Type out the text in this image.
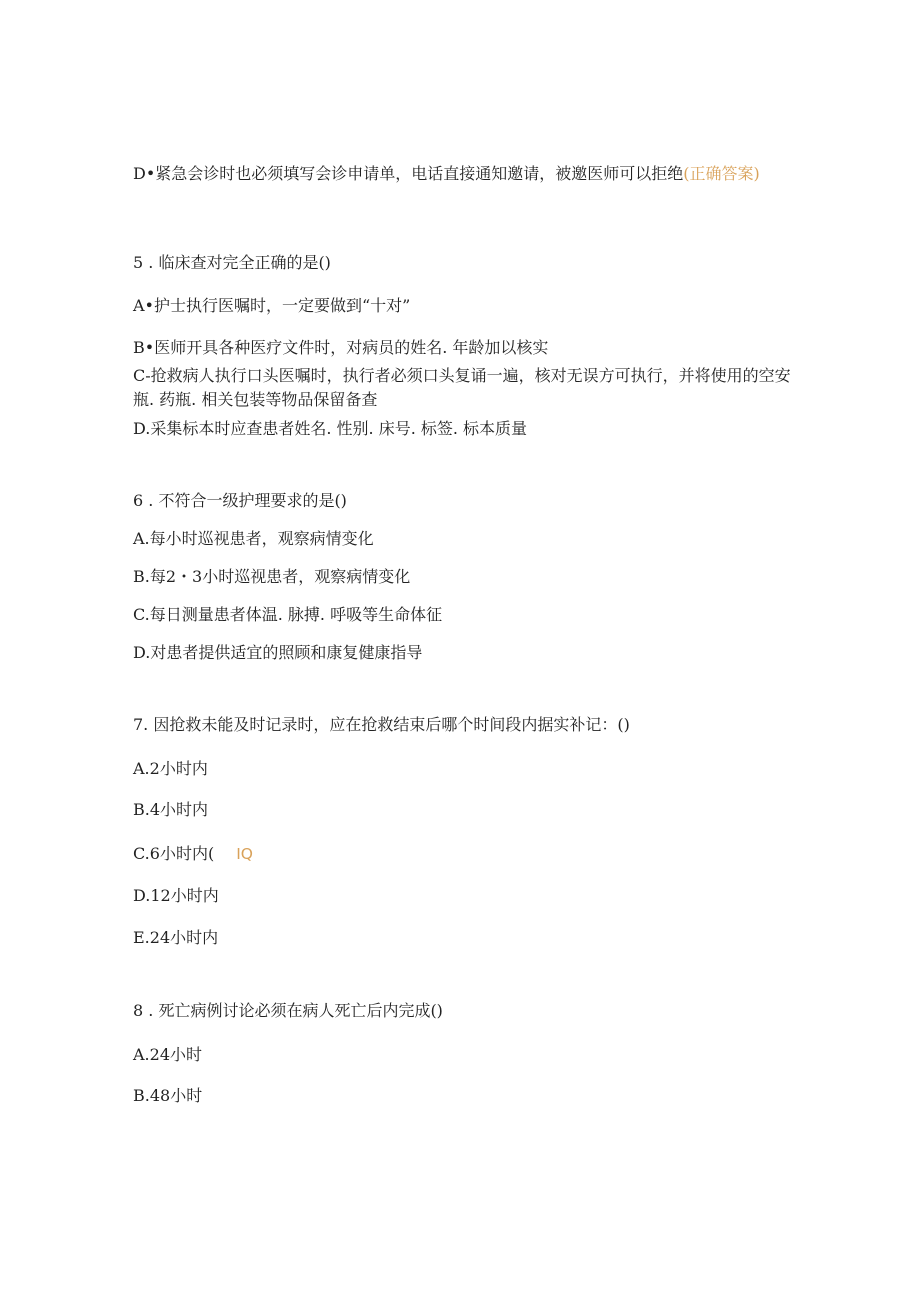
D•紧急会诊时也必须填写会诊申请单，电话直接通知邀请，被邀医师可以拒绝(正确答案)
5 . 临床查对完全正确的是()
A•护士执行医嘱时，一定要做到“十对”
B•医师开具各种医疗文件时，对病员的姓名. 年龄加以核实
C-抢救病人执行口头医嘱时，执行者必须口头复诵一遍，核对无误方可执行，并将使用的空安瓶. 药瓶. 相关包装等物品保留备查
D.采集标本时应查患者姓名. 性别. 床号. 标签. 标本质量
6 . 不符合一级护理要求的是()
A.每小时巡视患者，观察病情变化
B.每2・3小时巡视患者，观察病情变化
C.每日测量患者体温. 脉搏. 呼吸等生命体征
D.对患者提供适宜的照顾和康复健康指导
7. 因抢救未能及时记录时，应在抢救结束后哪个时间段内据实补记：()
A.2小时内
B.4小时内
C.6小时内( IQ
D.12小时内
E.24小时内
8 . 死亡病例讨论必须在病人死亡后内完成()
A.24小时
B.48小时
